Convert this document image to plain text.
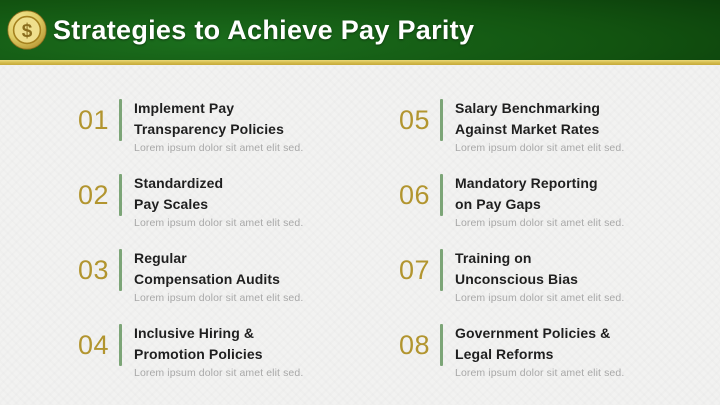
$ Strategies to Achieve Pay Parity
01 Implement Pay
Transparency Policies
Lorem ipsum dolor sit amet elit sed.
02 Standardized
Pay Scales
Lorem ipsum dolor sit amet elit sed.
03 Regular
Compensation Audits
Lorem ipsum dolor sit amet elit sed.
04 Inclusive Hiring &
Promotion Policies
Lorem ipsum dolor sit amet elit sed.
05 Salary Benchmarking
Against Market Rates
Lorem ipsum dolor sit amet elit sed.
06 Mandatory Reporting
on Pay Gaps
Lorem ipsum dolor sit amet elit sed.
07 Training on
Unconscious Bias
Lorem ipsum dolor sit amet elit sed.
08 Government Policies &
Legal Reforms
Lorem ipsum dolor sit amet elit sed.
